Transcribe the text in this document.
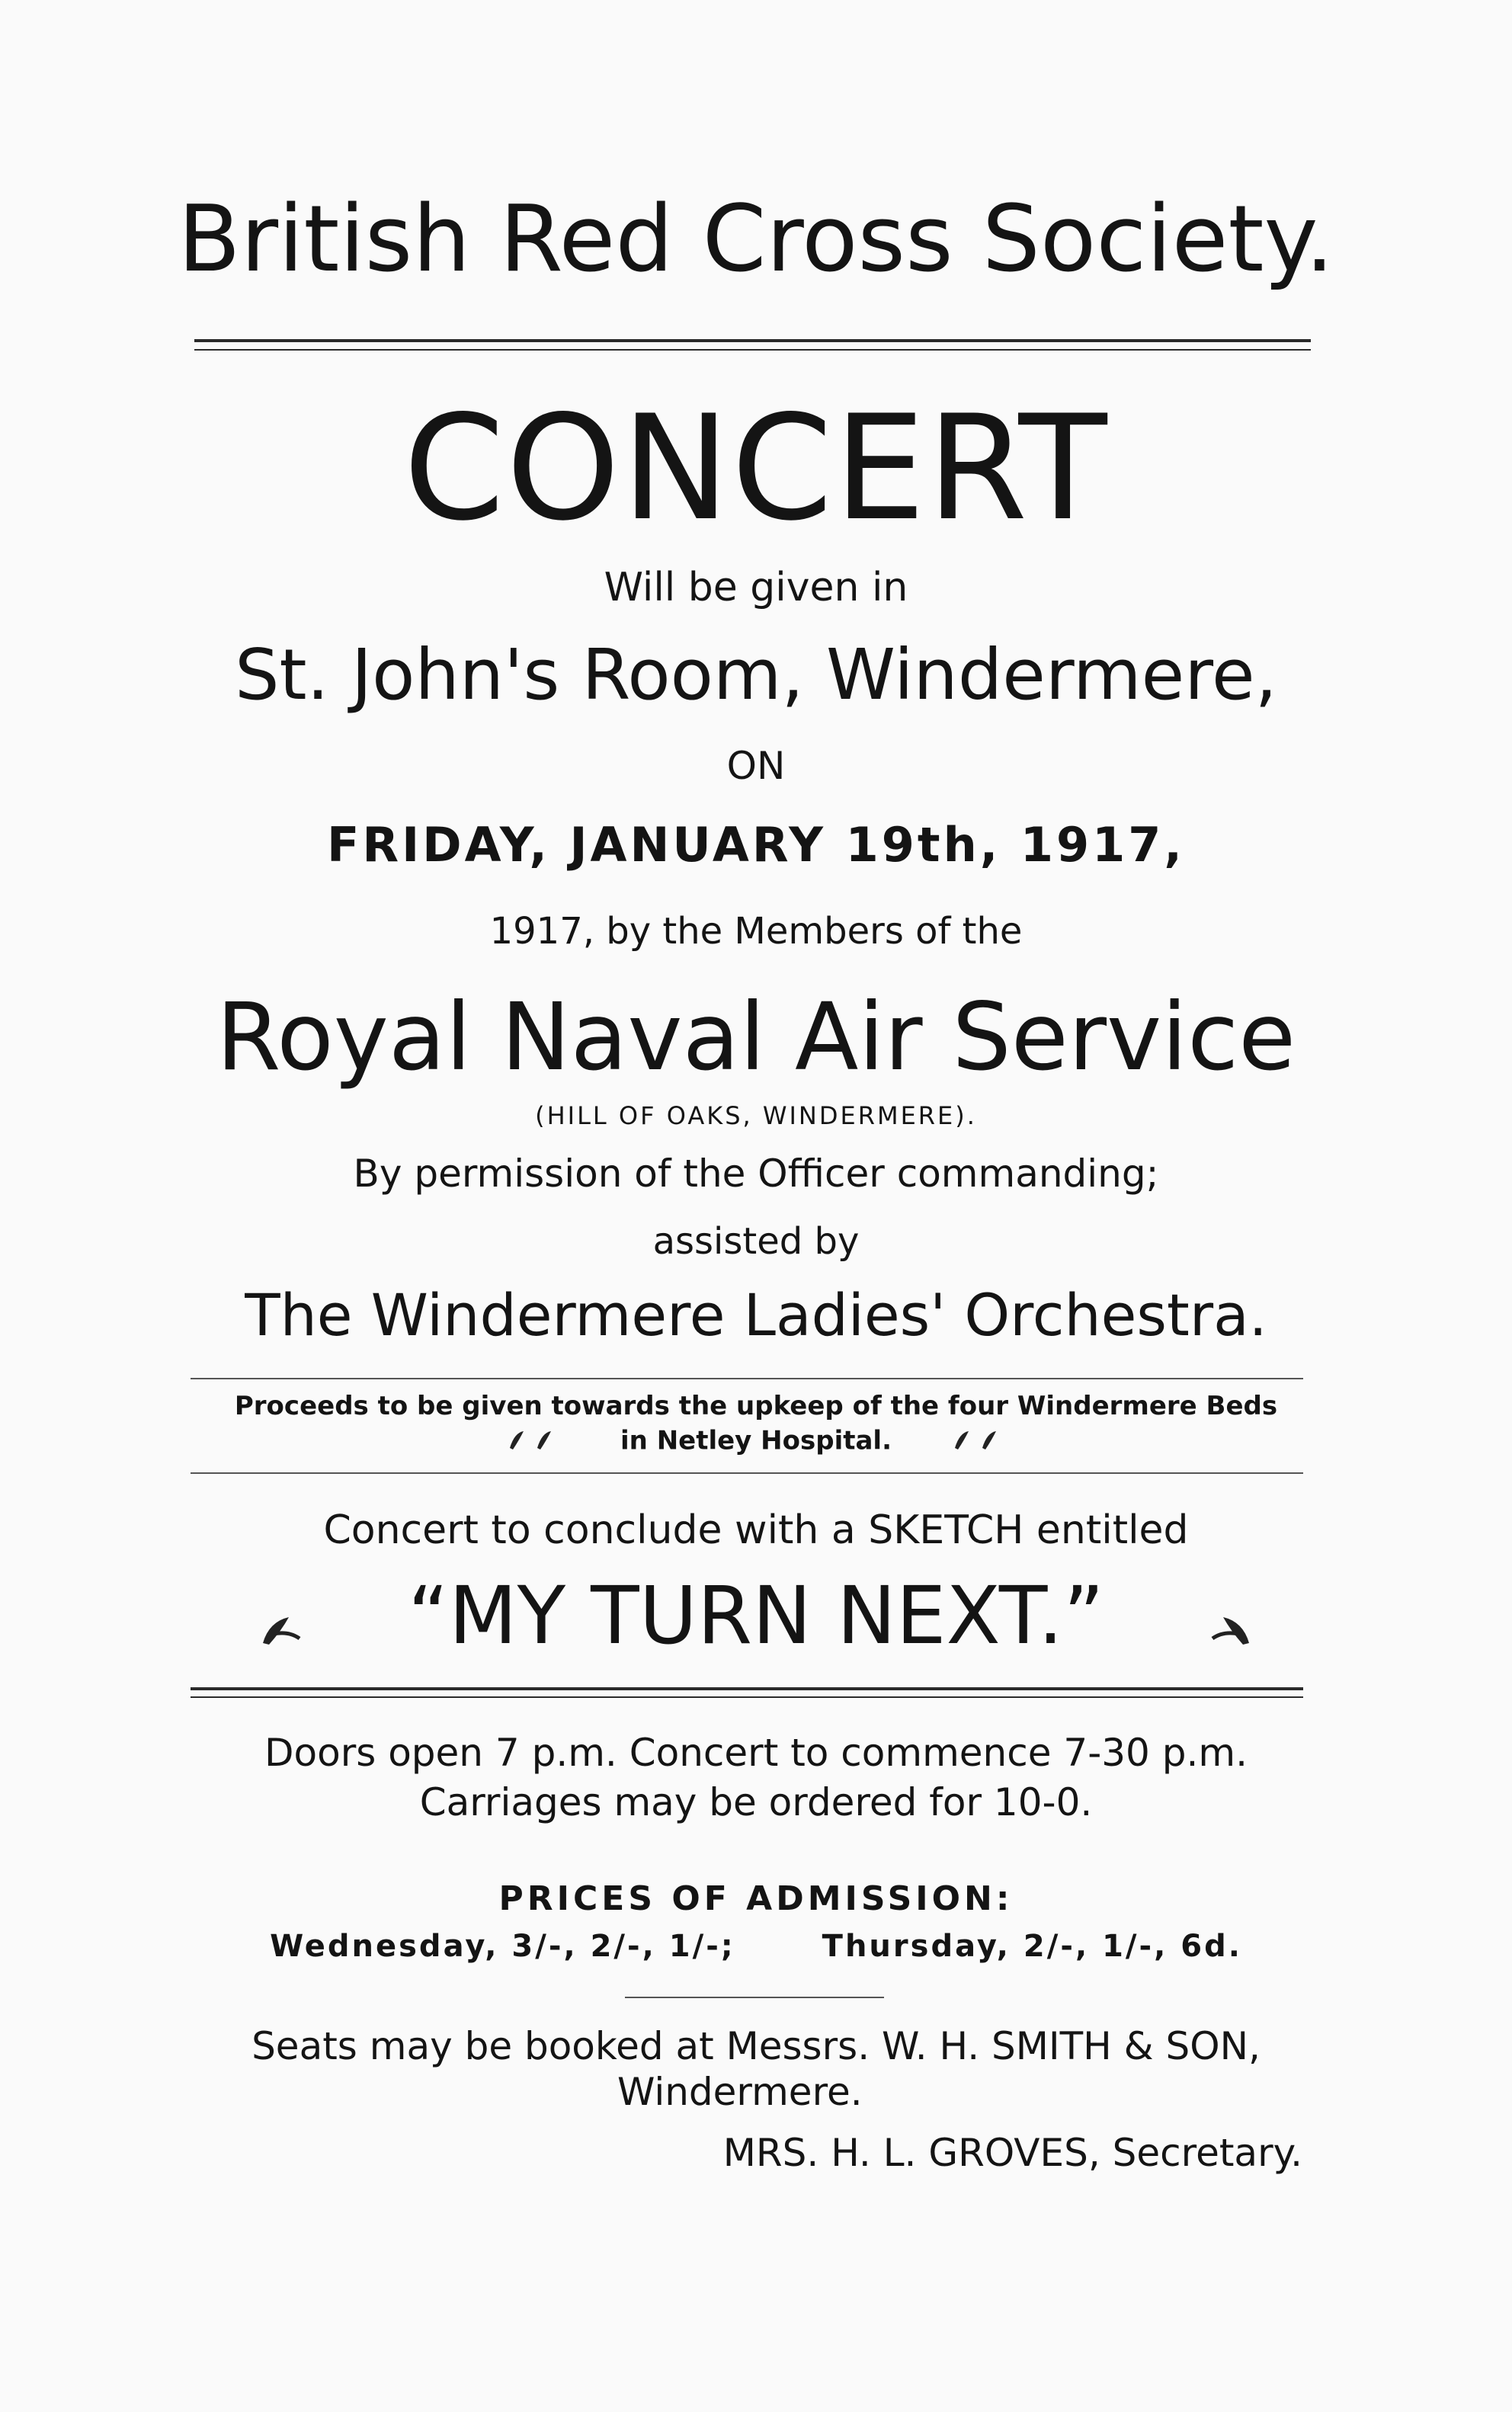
British Red Cross Society.
CONCERT
Will be given in
St. John's Room, Windermere,
ON
FRIDAY, JANUARY 19th, 1917,
1917, by the Members of the
Royal Naval Air Service
(HILL OF OAKS, WINDERMERE).
By permission of the Officer commanding;
assisted by
The Windermere Ladies' Orchestra.
Proceeds to be given towards the upkeep of the four Windermere Beds
in Netley Hospital.
Concert to conclude with a SKETCH entitled
“MY TURN NEXT.”
Doors open 7 p.m. Concert to commence 7-30 p.m.
Carriages may be ordered for 10-0.
PRICES OF ADMISSION:
Wednesday, 3/-, 2/-, 1/-;	Thursday, 2/-, 1/-, 6d.
Seats may be booked at Messrs. W. H. SMITH & SON,
Windermere.
MRS. H. L. GROVES, Secretary.
